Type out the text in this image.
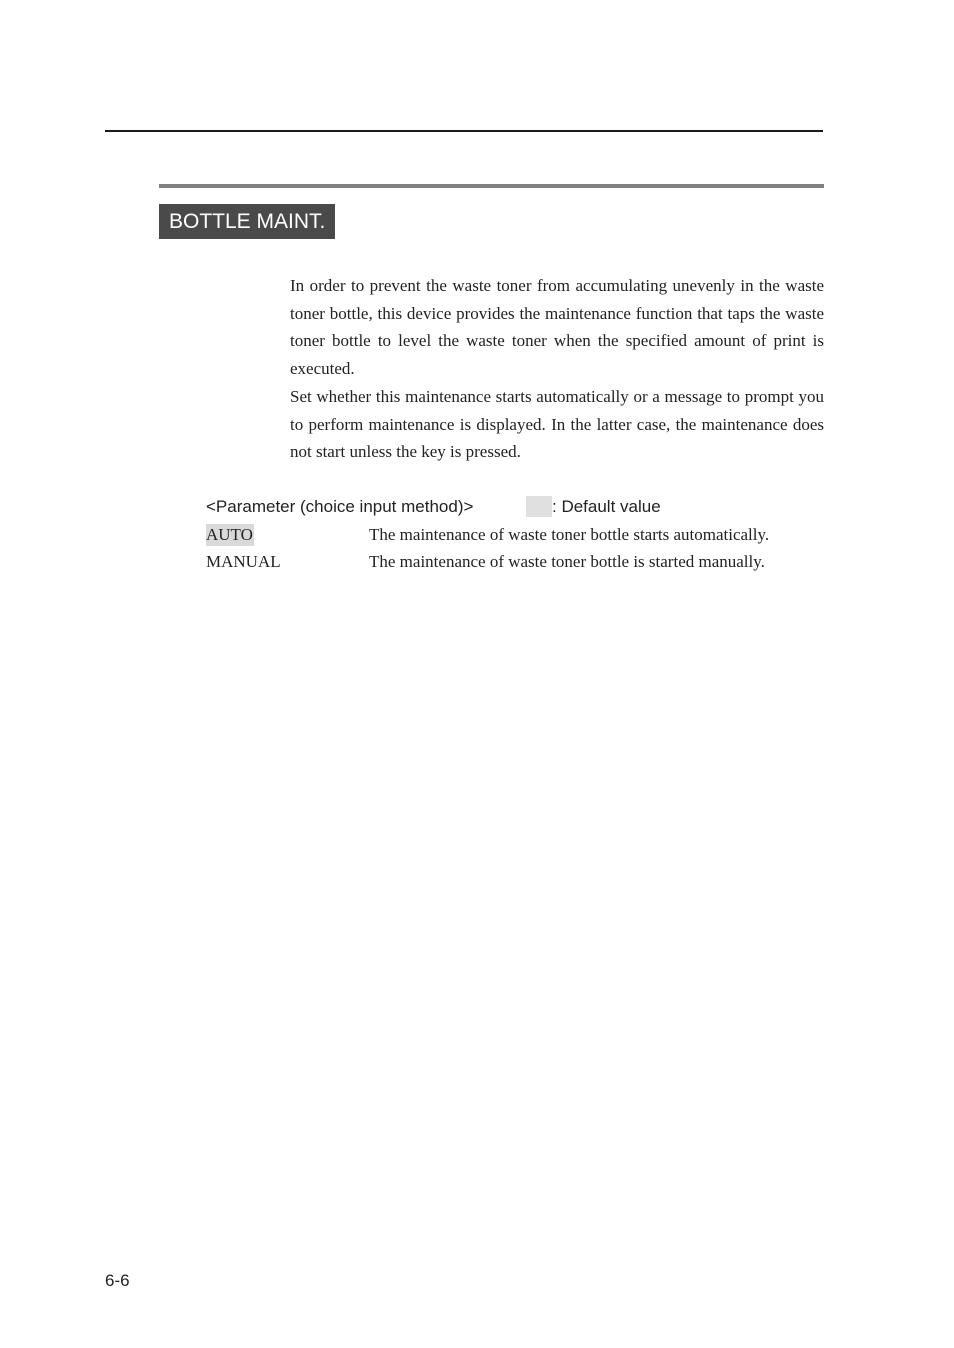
BOTTLE MAINT.

In order to prevent the waste toner from accumulating unevenly in the waste toner bottle, this device provides the maintenance function that taps the waste toner bottle to level the waste toner when the specified amount of print is executed.

Set whether this maintenance starts automatically or a message to prompt you to perform maintenance is displayed. In the latter case, the maintenance does not start unless the key is pressed.

<Parameter (choice input method)>	: Default value
AUTO	The maintenance of waste toner bottle starts automatically.
MANUAL	The maintenance of waste toner bottle is started manually.
6-6
